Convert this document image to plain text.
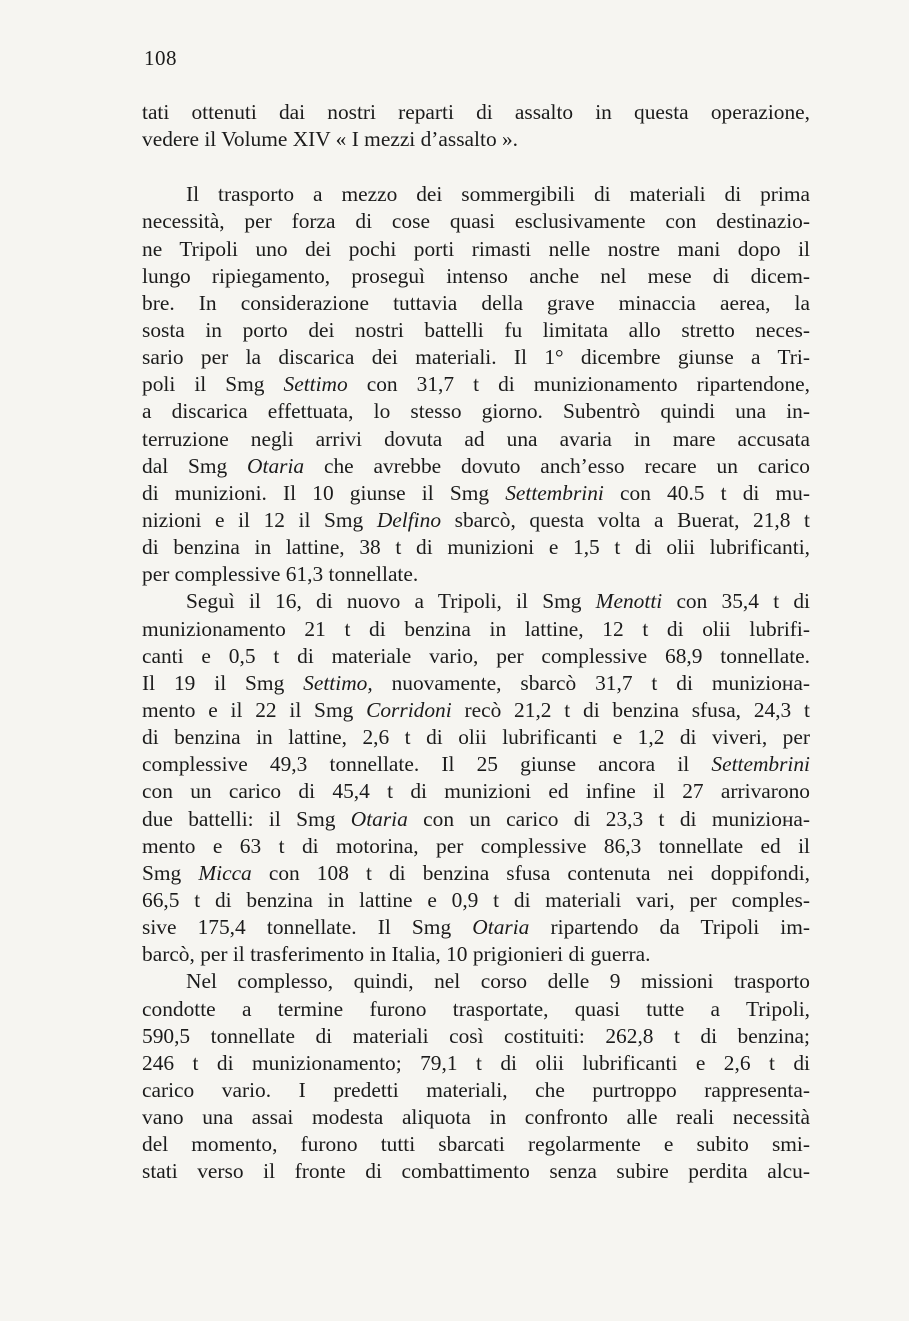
108
tati ottenuti dai nostri reparti di assalto in questa operazione,
vedere il Volume XIV « I mezzi d’assalto ».
Il trasporto a mezzo dei sommergibili di materiali di prima
necessità, per forza di cose quasi esclusivamente con destinazio-
ne Tripoli uno dei pochi porti rimasti nelle nostre mani dopo il
lungo ripiegamento, proseguì intenso anche nel mese di dicem-
bre. In considerazione tuttavia della grave minaccia aerea, la
sosta in porto dei nostri battelli fu limitata allo stretto neces-
sario per la discarica dei materiali. Il 1° dicembre giunse a Tri-
poli il Smg Settimo con 31,7 t di munizionamento ripartendone,
a discarica effettuata, lo stesso giorno. Subentrò quindi una in-
terruzione negli arrivi dovuta ad una avaria in mare accusata
dal Smg Otaria che avrebbe dovuto anch’esso recare un carico
di munizioni. Il 10 giunse il Smg Settembrini con 40.5 t di mu-
nizioni e il 12 il Smg Delfino sbarcò, questa volta a Buerat, 21,8 t
di benzina in lattine, 38 t di munizioni e 1,5 t di olii lubrificanti,
per complessive 61,3 tonnellate.
Seguì il 16, di nuovo a Tripoli, il Smg Menotti con 35,4 t di
munizionamento 21 t di benzina in lattine, 12 t di olii lubrifi-
canti e 0,5 t di materiale vario, per complessive 68,9 tonnellate.
Il 19 il Smg Settimo, nuovamente, sbarcò 31,7 t di munizioна-
mento e il 22 il Smg Corridoni recò 21,2 t di benzina sfusa, 24,3 t
di benzina in lattine, 2,6 t di olii lubrificanti e 1,2 di viveri, per
complessive 49,3 tonnellate. Il 25 giunse ancora il Settembrini
con un carico di 45,4 t di munizioni ed infine il 27 arrivarono
due battelli: il Smg Otaria con un carico di 23,3 t di munizioна-
mento e 63 t di motorina, per complessive 86,3 tonnellate ed il
Smg Micca con 108 t di benzina sfusa contenuta nei doppifondi,
66,5 t di benzina in lattine e 0,9 t di materiali vari, per comples-
sive 175,4 tonnellate. Il Smg Otaria ripartendo da Tripoli im-
barcò, per il trasferimento in Italia, 10 prigionieri di guerra.
Nel complesso, quindi, nel corso delle 9 missioni trasporto
condotte a termine furono trasportate, quasi tutte a Tripoli,
590,5 tonnellate di materiali così costituiti: 262,8 t di benzina;
246 t di munizionamento; 79,1 t di olii lubrificanti e 2,6 t di
carico vario. I predetti materiali, che purtroppo rappresenta-
vano una assai modesta aliquota in confronto alle reali necessità
del momento, furono tutti sbarcati regolarmente e subito smi-
stati verso il fronte di combattimento senza subire perdita alcu-
